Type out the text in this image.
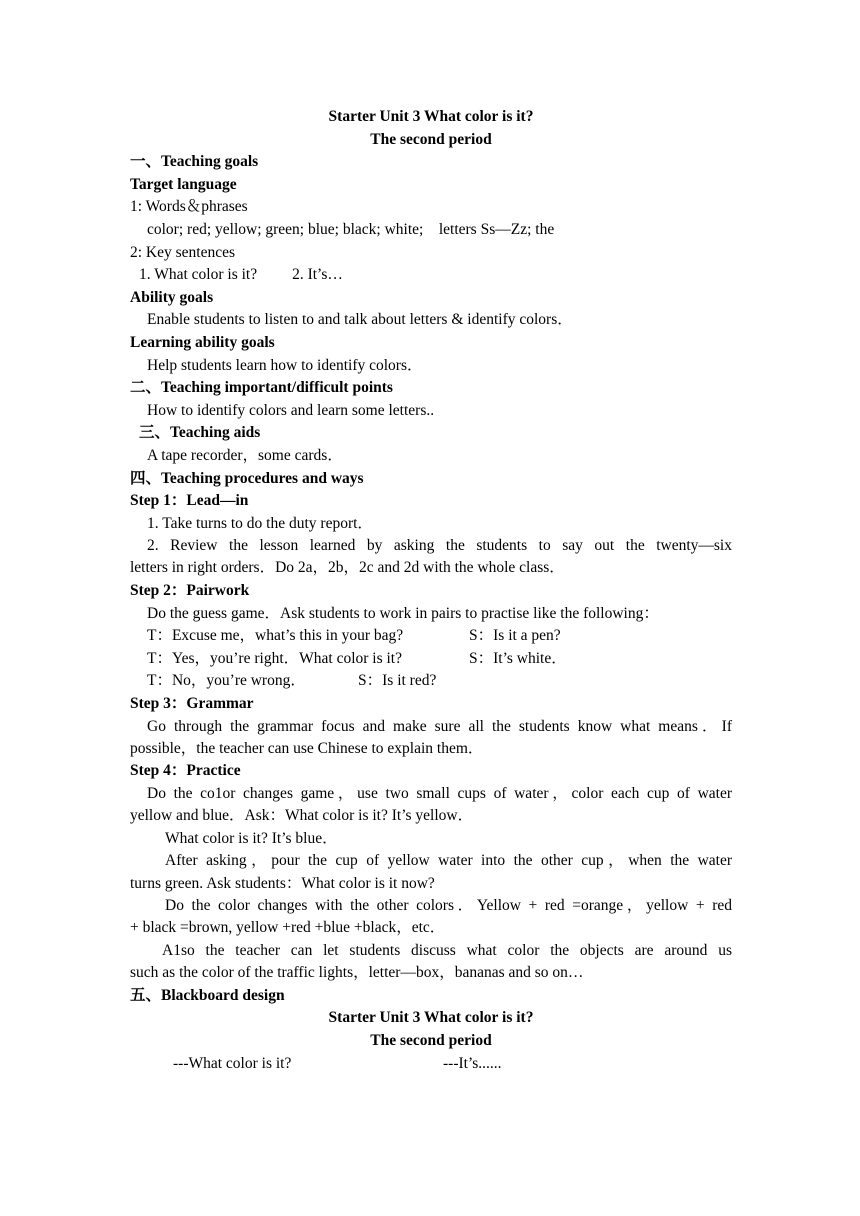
Starter Unit 3 What color is it?
The second period
一、Teaching goals
Target language
1: Words＆phrases
color; red; yellow; green; blue; black; white;    letters Ss—Zz; the
2: Key sentences
1. What color is it? 2. It’s…
Ability goals
Enable students to listen to and talk about letters & identify colors．
Learning ability goals
Help students learn how to identify colors．
二、Teaching important/difficult points
How to identify colors and learn some letters..
三、Teaching aids
A tape recorder，some cards．
四、Teaching procedures and ways
Step 1：Lead—in
1. Take turns to do the duty report．
2. Review the lesson learned by asking the students to say out the twenty—six
letters in right orders．Do 2a，2b，2c and 2d with the whole class．
Step 2：Pairwork
Do the guess game．Ask students to work in pairs to practise like the following：
T：Excuse me，what’s this in your bag?	S：Is it a pen?
T：Yes，you’re right．What color is it?	S：It’s white．
T：No，you’re wrong．	S：Is it red?
Step 3：Grammar
Go through the grammar focus and make sure all the students know what means．If
possible，the teacher can use Chinese to explain them．
Step 4：Practice
Do the co1or changes game，use two small cups of water，color each cup of water
yellow and blue．Ask：What color is it? It’s yellow．
What color is it? It’s blue．
After asking，pour the cup of yellow water into the other cup，when the water
turns green. Ask students：What color is it now?
Do the color changes with the other colors．Yellow + red =orange，yellow + red
+ black =brown, yellow +red +blue +black，etc．
A1so the teacher can let students discuss what color the objects are around us
such as the color of the traffic lights，letter—box，bananas and so on…
五、Blackboard design
Starter Unit 3 What color is it?
The second period
---What color is it?	---It’s......
